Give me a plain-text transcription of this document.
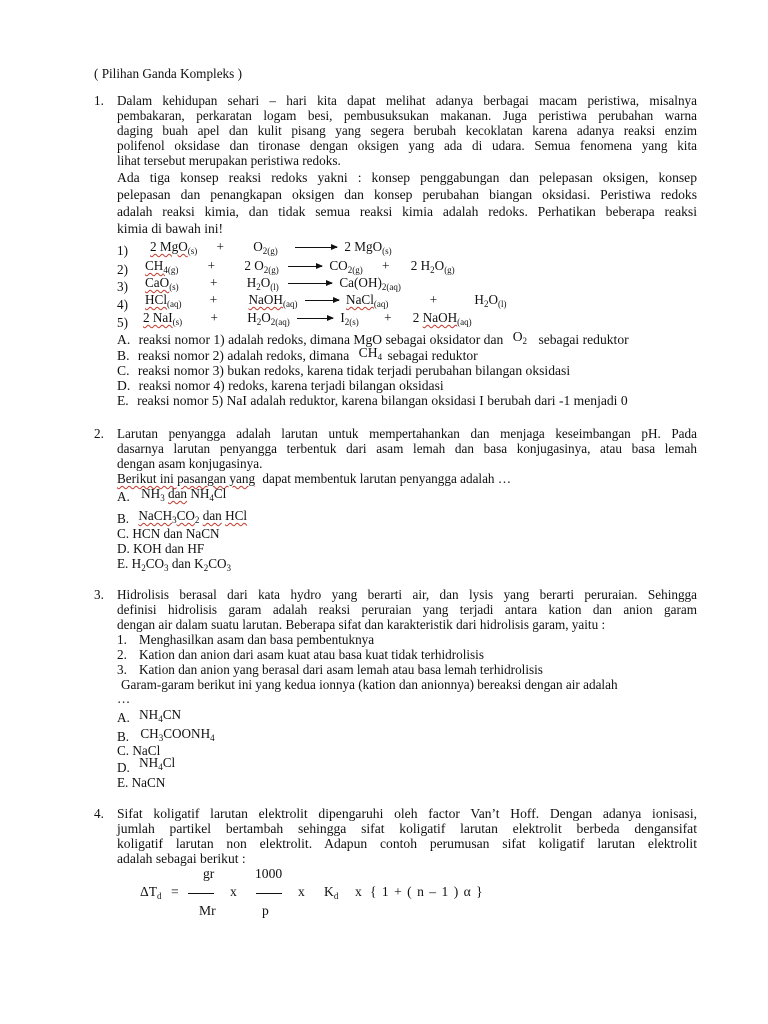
( Pilihan Ganda Kompleks )
1. Dalam kehidupan sehari – hari kita dapat melihat adanya berbagai macam peristiwa, misalnya
pembakaran, perkaratan logam besi, pembusuksukan makanan. Juga peristiwa perubahan warna
daging buah apel dan kulit pisang yang segera berubah kecoklatan karena adanya reaksi enzim
polifenol oksidase dan tironase dengan oksigen yang ada di udara. Semua fenomena yang kita
lihat tersebut merupakan peristiwa redoks.
Ada tiga konsep reaksi redoks yakni : konsep penggabungan dan pelepasan oksigen, konsep
pelepasan dan penangkapan oksigen dan konsep perubahan biangan oksidasi. Peristiwa redoks
adalah reaksi kimia, dan tidak semua reaksi kimia adalah redoks. Perhatikan beberapa reaksi
kimia di bawah ini!
1) 2 $MgO_{(s)} + O_{2(g)}$	2 MgO$_{(s)}$
2) $CH_{4(g)} + 2$ $O_{2(g)}$	$CO_{2(g)} + 2$ $H_2O_{(g)}$
3) $CaO_{(s)} + H_2O_{(l)}$	$Ca(OH)_{2(aq)}$
4) HCl$_{(aq)}$ + NaOH$_{(aq)}$	NaCl$_{(aq)}$	+	$H_2O_{(l)}$
5) 2 $NaI_{(s)} + H_2O_{2(aq)}$	$I_{2(s)} + 2$ NaOH$_{(aq)}$
A. reaksi nomor 1) adalah redoks, dimana MgO sebagai oksidator dan $O_2$ sebagai reduktor
B. reaksi nomor 2) adalah redoks, dimana $CH_4$ sebagai reduktor
C. reaksi nomor 3) bukan redoks, karena tidak terjadi perubahan bilangan oksidasi
D. reaksi nomor 4) redoks, karena terjadi bilangan oksidasi
E. reaksi nomor 5) NaI adalah reduktor, karena bilangan oksidasi I berubah dari -1 menjadi 0
2. Larutan penyangga adalah larutan untuk mempertahankan dan menjaga keseimbangan pH. Pada
dasarnya larutan penyangga terbentuk dari asam lemah dan basa konjugasinya, atau basa lemah
dengan asam konjugasinya.
Berikut ini pasangan yang dapat membentuk larutan penyangga adalah …
A. $NH_3$ dan $NH_4Cl$
B. $NaCH_3CO_2$ dan HCl
C. HCN dan NaCN
D. KOH dan HF
E. $H_2CO_3$ dan $K_2CO_3$
3. Hidrolisis berasal dari kata hydro yang berarti air, dan lysis yang berarti peruraian. Sehingga
definisi hidrolisis garam adalah reaksi peruraian yang terjadi antara kation dan anion garam
dengan air dalam suatu larutan. Beberapa sifat dan karakteristik dari hidrolisis garam, yaitu :
1. Menghasilkan asam dan basa pembentuknya
2. Kation dan anion dari asam kuat atau basa kuat tidak terhidrolisis
3. Kation dan anion yang berasal dari asam lemah atau basa lemah terhidrolisis
Garam-garam berikut ini yang kedua ionnya (kation dan anionnya) bereaksi dengan air adalah
…
A. $NH_4CN$
B. $CH_3COONH_4$
C. NaCl
D. $NH_4Cl$
E. NaCN
4. Sifat koligatif larutan elektrolit dipengaruhi oleh factor Van’t Hoff. Dengan adanya ionisasi,
jumlah partikel bertambah sehingga sifat koligatif larutan elektrolit berbeda dengansifat
koligatif larutan non elektrolit. Adapun contoh perumusan sifat koligatif larutan elektrolit
adalah sebagai berikut :
$\Delta T_d$ =
gr
Mr
x
1000
p
x $K_d$ x { 1 + ( n – 1 ) α }
